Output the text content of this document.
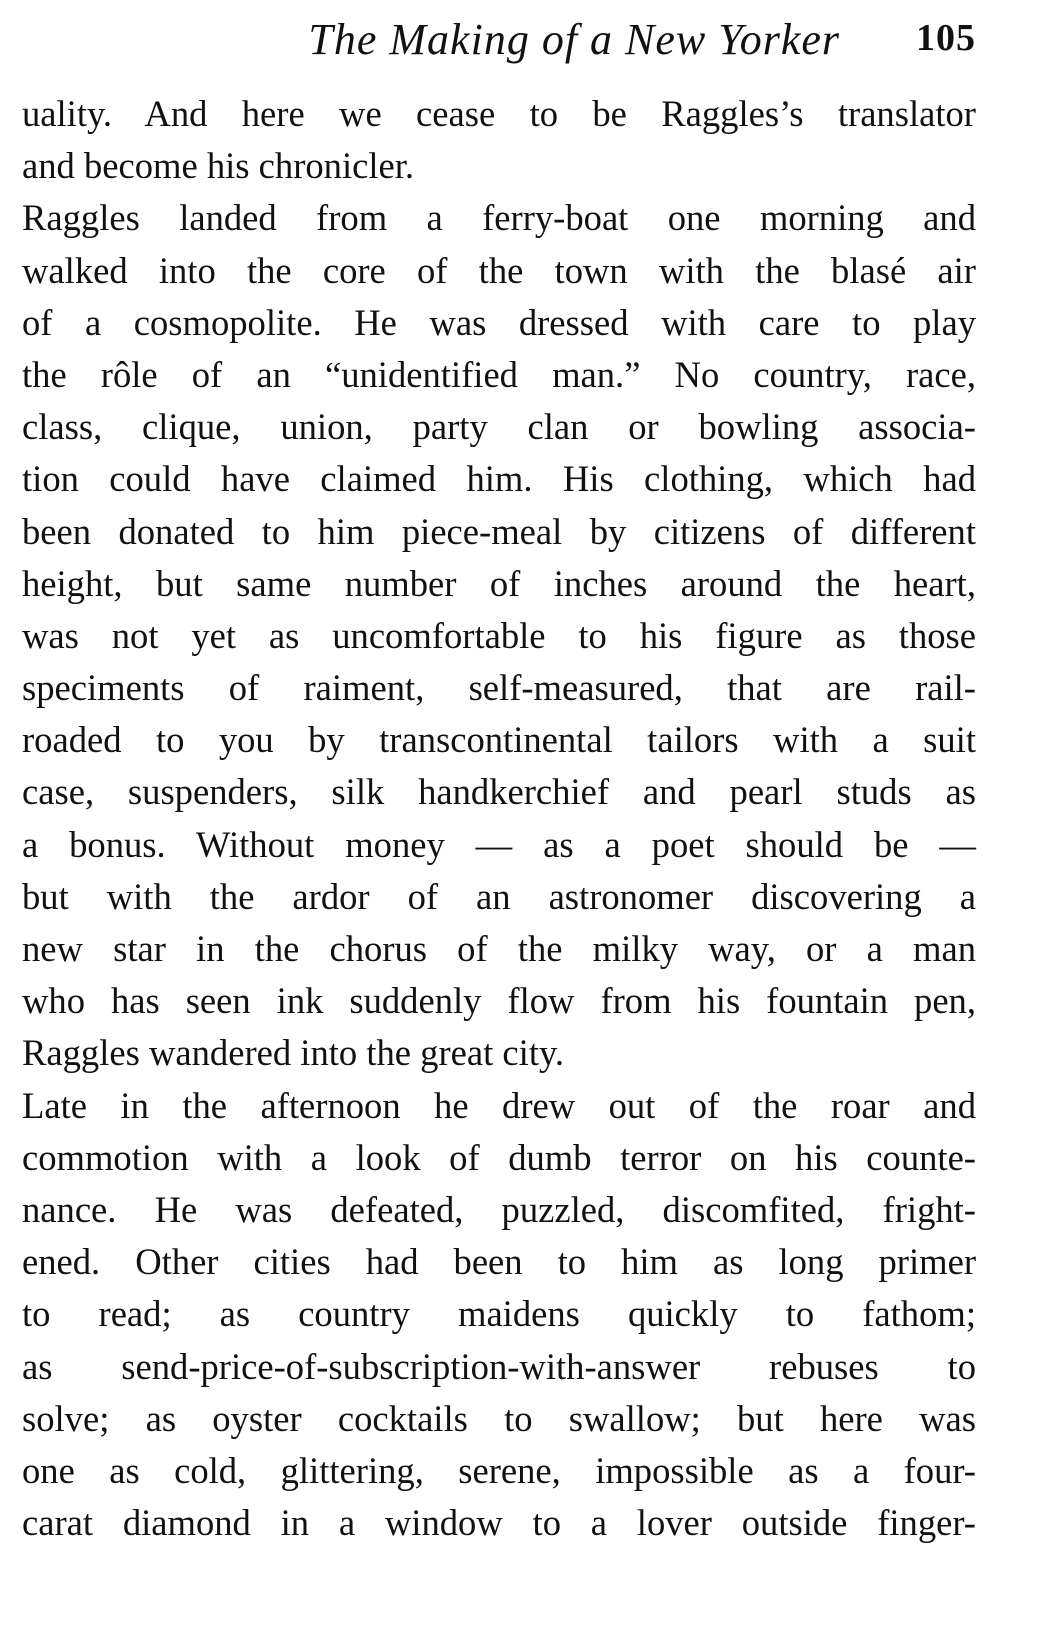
The Making of a New Yorker 105
uality. And here we cease to be Raggles’s translator
and become his chronicler.
Raggles landed from a ferry-boat one morning and
walked into the core of the town with the blasé air
of a cosmopolite. He was dressed with care to play
the rôle of an “unidentified man.” No country, race,
class, clique, union, party clan or bowling associa-
tion could have claimed him. His clothing, which had
been donated to him piece-meal by citizens of different
height, but same number of inches around the heart,
was not yet as uncomfortable to his figure as those
speciments of raiment, self-measured, that are rail-
roaded to you by transcontinental tailors with a suit
case, suspenders, silk handkerchief and pearl studs as
a bonus. Without money — as a poet should be —
but with the ardor of an astronomer discovering a
new star in the chorus of the milky way, or a man
who has seen ink suddenly flow from his fountain pen,
Raggles wandered into the great city.
Late in the afternoon he drew out of the roar and
commotion with a look of dumb terror on his counte-
nance. He was defeated, puzzled, discomfited, fright-
ened. Other cities had been to him as long primer
to read; as country maidens quickly to fathom;
as send-price-of-subscription-with-answer rebuses to
solve; as oyster cocktails to swallow; but here was
one as cold, glittering, serene, impossible as a four-
carat diamond in a window to a lover outside finger-
